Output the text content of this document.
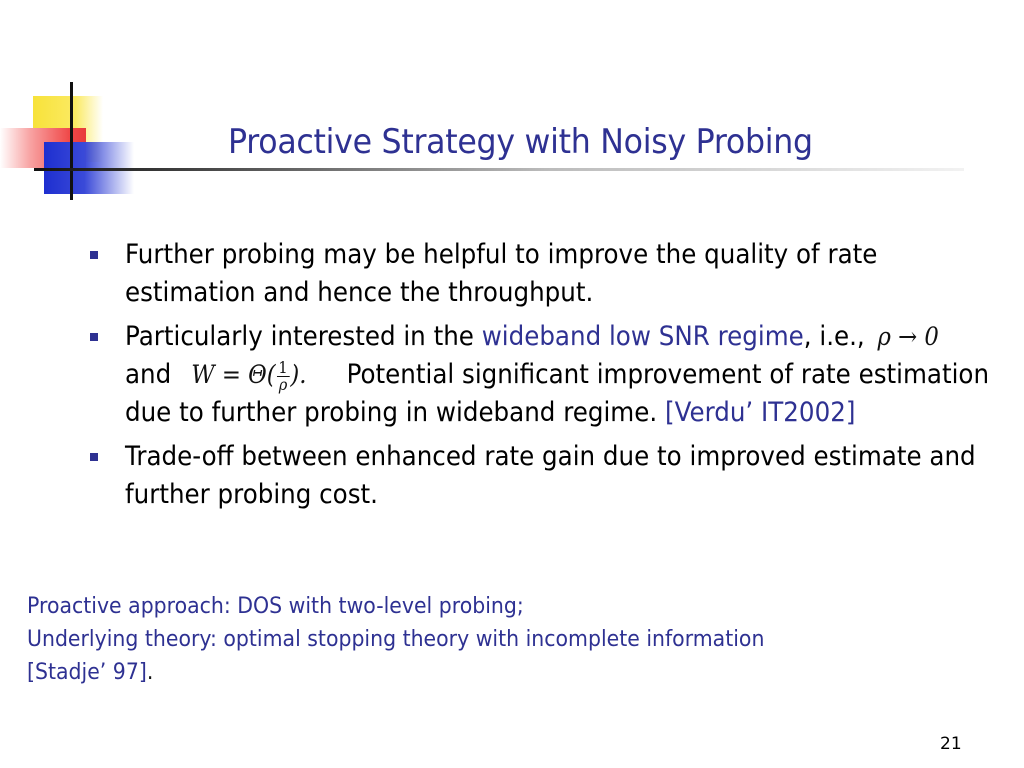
Proactive Strategy with Noisy Probing
Further probing may be helpful to improve the quality of rate estimation and hence the throughput.
Particularly interested in the wideband low SNR regime, i.e., ρ → 0and $W = \Theta( \frac{1}{\rho}$ ). Potential significant improvement of rate estimation due to further probing in wideband regime. [Verdu’ IT2002]
Trade-off between enhanced rate gain due to improved estimate and further probing cost.
Proactive approach: DOS with two-level probing;
Underlying theory: optimal stopping theory with incomplete information
[Stadje’ 97].
21
